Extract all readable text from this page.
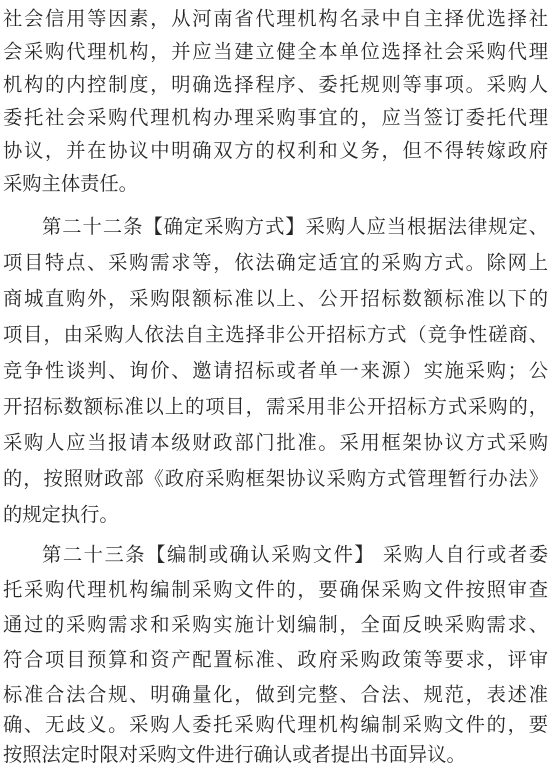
社会信用等因素，从河南省代理机构名录中自主择优选择社
会采购代理机构，并应当建立健全本单位选择社会采购代理
机构的内控制度，明确选择程序、委托规则等事项。采购人
委托社会采购代理机构办理采购事宜的，应当签订委托代理
协议，并在协议中明确双方的权利和义务，但不得转嫁政府
采购主体责任。
第二十二条【确定采购方式】采购人应当根据法律规定、
项目特点、采购需求等，依法确定适宜的采购方式。除网上
商城直购外，采购限额标准以上、公开招标数额标准以下的
项目，由采购人依法自主选择非公开招标方式（竞争性磋商、
竞争性谈判、询价、邀请招标或者单一来源）实施采购；公
开招标数额标准以上的项目，需采用非公开招标方式采购的，
采购人应当报请本级财政部门批准。采用框架协议方式采购
的，按照财政部《政府采购框架协议采购方式管理暂行办法》
的规定执行。
第二十三条【编制或确认采购文件】 采购人自行或者委
托采购代理机构编制采购文件的，要确保采购文件按照审查
通过的采购需求和采购实施计划编制，全面反映采购需求、
符合项目预算和资产配置标准、政府采购政策等要求，评审
标准合法合规、明确量化，做到完整、合法、规范，表述准
确、无歧义。采购人委托采购代理机构编制采购文件的，要
按照法定时限对采购文件进行确认或者提出书面异议。
